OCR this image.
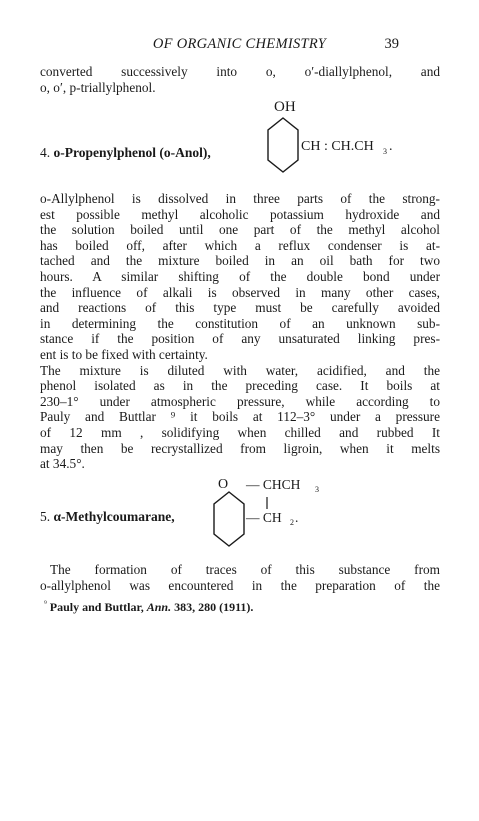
OF ORGANIC CHEMISTRY	39
converted successively into o, o′-diallylphenol, and
o, o′, p-triallylphenol.
4. o-Propenylphenol (o-Anol),
OH
CH : CH.CH 3 .
o-Allylphenol is dissolved in three parts of the strong-
est possible methyl alcoholic potassium hydroxide and
the solution boiled until one part of the methyl alcohol
has boiled off, after which a reflux condenser is at-
tached and the mixture boiled in an oil bath for two
hours. A similar shifting of the double bond under
the influence of alkali is observed in many other cases,
and reactions of this type must be carefully avoided
in determining the constitution of an unknown sub-
stance if the position of any unsaturated linking pres-
ent is to be fixed with certainty.
The mixture is diluted with water, acidified, and the
phenol isolated as in the preceding case. It boils at
230–1° under atmospheric pressure, while according to
Pauly and Buttlar ⁹ it boils at 112–3° under a pressure
of 12 mm , solidifying when chilled and rubbed It
may then be recrystallized from ligroin, when it melts
at 34.5°.
5. α-Methylcoumarane,
O — CHCH 3
— CH 2 .
The formation of traces of this substance from
o-allylphenol was encountered in the preparation of the
$^{^9}$ Pauly and Buttlar, Ann. 383, 280 (1911).
